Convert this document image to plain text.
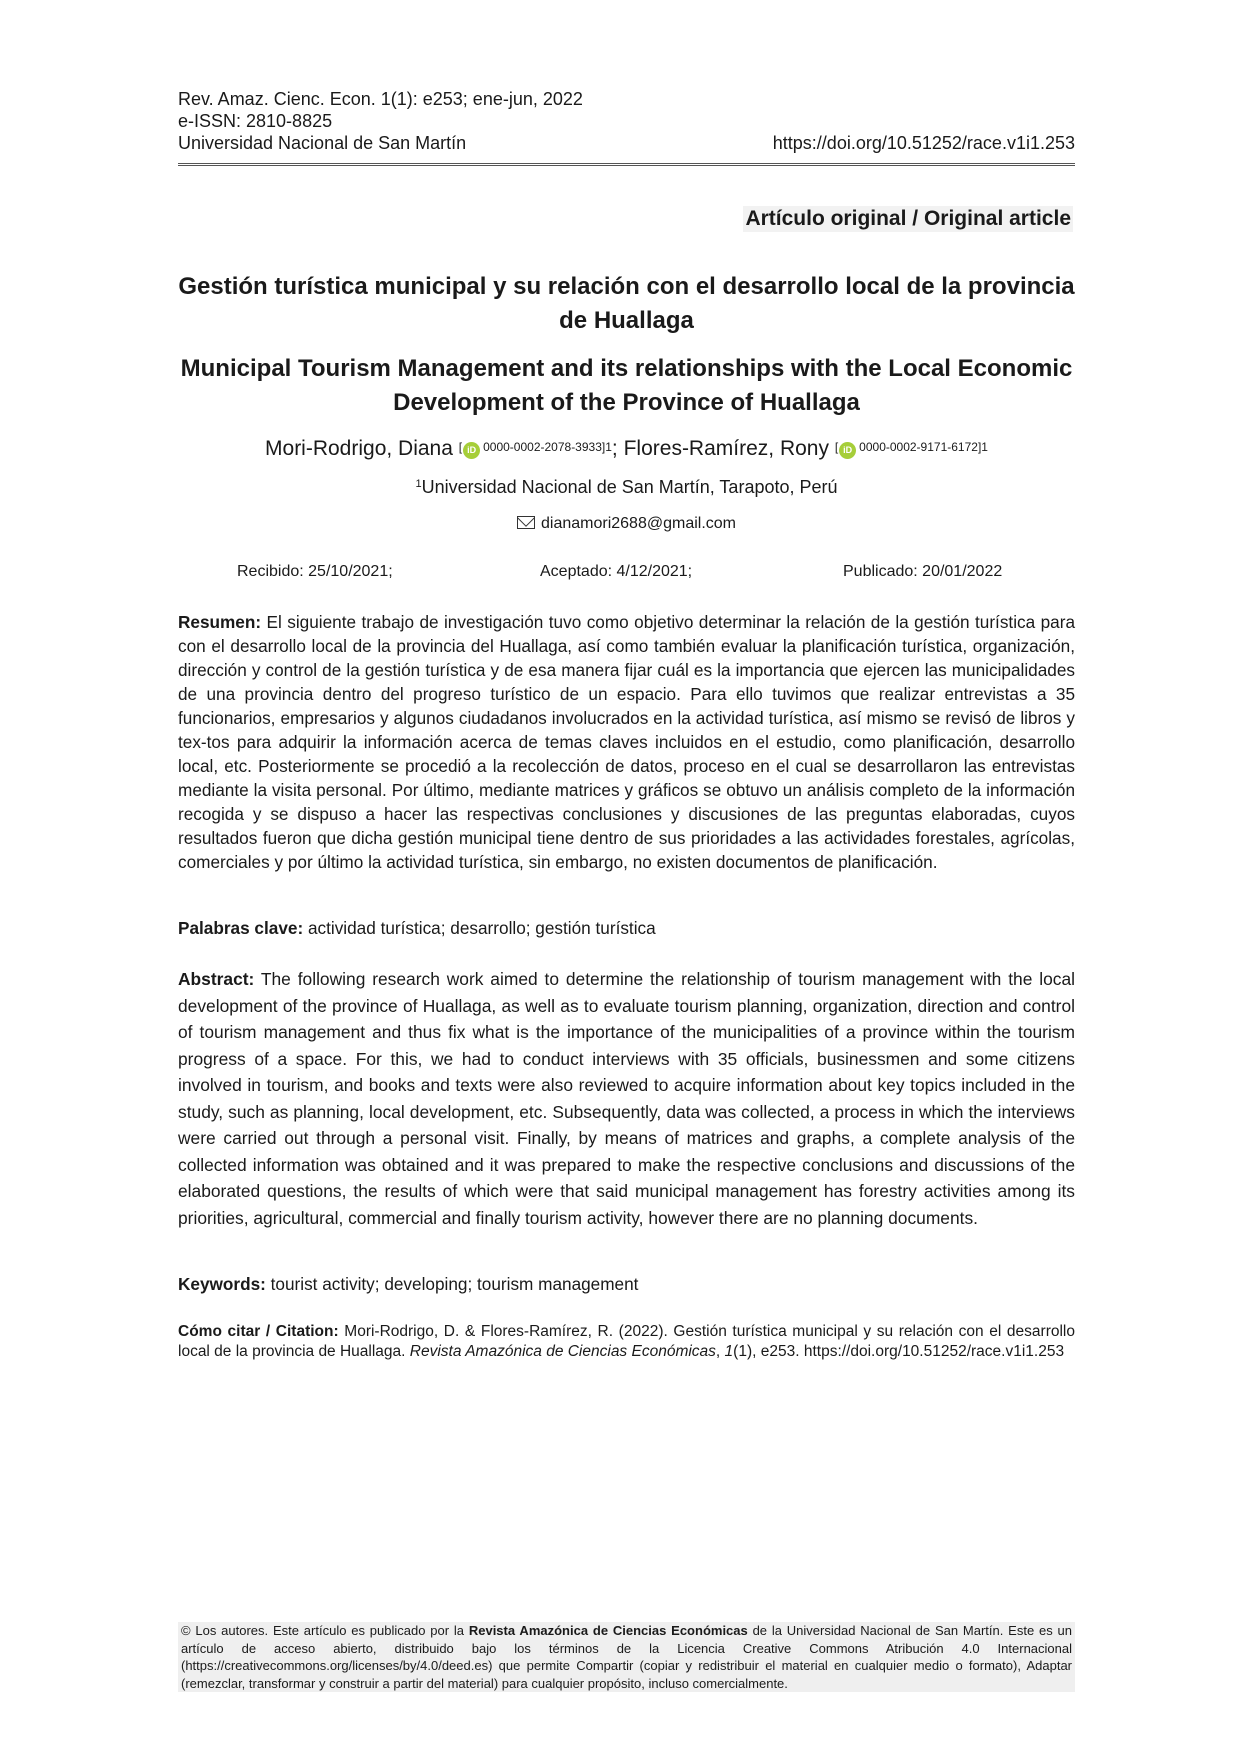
Rev. Amaz. Cienc. Econ. 1(1): e253; ene-jun, 2022
e-ISSN: 2810-8825
Universidad Nacional de San Martín	https://doi.org/10.51252/race.v1i1.253
Artículo original / Original article
Gestión turística municipal y su relación con el desarrollo local de la provincia de Huallaga
Municipal Tourism Management and its relationships with the Local Economic Development of the Province of Huallaga
Mori-Rodrigo, Diana [ iD 0000-0002-2078-3933]1; Flores-Ramírez, Rony [ iD 0000-0002-9171-6172]1
$^1$Universidad Nacional de San Martín, Tarapoto, Perú
dianamori2688@gmail.com
Recibido: 25/10/2021;	Aceptado: 4/12/2021;	Publicado: 20/01/2022
Resumen: El siguiente trabajo de investigación tuvo como objetivo determinar la relación de la gestión turística para con el desarrollo local de la provincia del Huallaga, así como también evaluar la planificación turística, organización, dirección y control de la gestión turística y de esa manera fijar cuál es la importancia que ejercen las municipalidades de una provincia dentro del progreso turístico de un espacio. Para ello tuvimos que realizar entrevistas a 35 funcionarios, empresarios y algunos ciudadanos involucrados en la actividad turística, así mismo se revisó de libros y tex-tos para adquirir la información acerca de temas claves incluidos en el estudio, como planificación, desarrollo local, etc. Posteriormente se procedió a la recolección de datos, proceso en el cual se desarrollaron las entrevistas mediante la visita personal. Por último, mediante matrices y gráficos se obtuvo un análisis completo de la información recogida y se dispuso a hacer las respectivas conclusiones y discusiones de las preguntas elaboradas, cuyos resultados fueron que dicha gestión municipal tiene dentro de sus prioridades a las actividades forestales, agrícolas, comerciales y por último la actividad turística, sin embargo, no existen documentos de planificación.
Palabras clave: actividad turística; desarrollo; gestión turística
Abstract: The following research work aimed to determine the relationship of tourism management with the local development of the province of Huallaga, as well as to evaluate tourism planning, organization, direction and control of tourism management and thus fix what is the importance of the municipalities of a province within the tourism progress of a space. For this, we had to conduct interviews with 35 officials, businessmen and some citizens involved in tourism, and books and texts were also reviewed to acquire information about key topics included in the study, such as planning, local development, etc. Subsequently, data was collected, a process in which the interviews were carried out through a personal visit. Finally, by means of matrices and graphs, a complete analysis of the collected information was obtained and it was prepared to make the respective conclusions and discussions of the elaborated questions, the results of which were that said municipal management has forestry activities among its priorities, agricultural, commercial and finally tourism activity, however there are no planning documents.
Keywords: tourist activity; developing; tourism management
Cómo citar / Citation: Mori-Rodrigo, D. & Flores-Ramírez, R. (2022). Gestión turística municipal y su relación con el desarrollo local de la provincia de Huallaga. Revista Amazónica de Ciencias Económicas, 1(1), e253. https://doi.org/10.51252/race.v1i1.253
© Los autores. Este artículo es publicado por la Revista Amazónica de Ciencias Económicas de la Universidad Nacional de San Martín. Este es un artículo de acceso abierto, distribuido bajo los términos de la Licencia Creative Commons Atribución 4.0 Internacional (https://creativecommons.org/licenses/by/4.0/deed.es) que permite Compartir (copiar y redistribuir el material en cualquier medio o formato), Adaptar (remezclar, transformar y construir a partir del material) para cualquier propósito, incluso comercialmente.
